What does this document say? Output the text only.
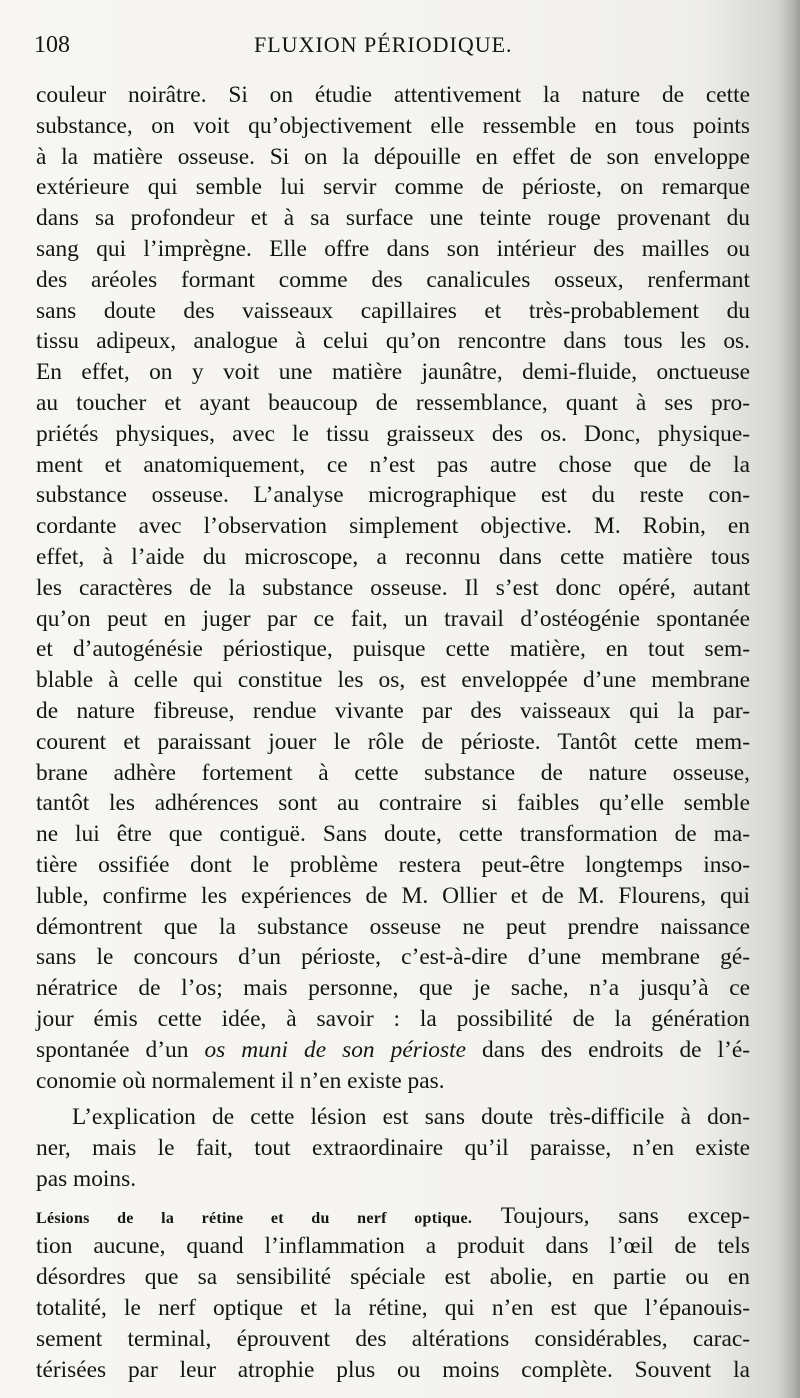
108	FLUXION PÉRIODIQUE.
couleur noirâtre. Si on étudie attentivement la nature de cette
substance, on voit qu’objectivement elle ressemble en tous points
à la matière osseuse. Si on la dépouille en effet de son enveloppe
extérieure qui semble lui servir comme de périoste, on remarque
dans sa profondeur et à sa surface une teinte rouge provenant du
sang qui l’imprègne. Elle offre dans son intérieur des mailles ou
des aréoles formant comme des canalicules osseux, renfermant
sans doute des vaisseaux capillaires et très-probablement du
tissu adipeux, analogue à celui qu’on rencontre dans tous les os.
En effet, on y voit une matière jaunâtre, demi-fluide, onctueuse
au toucher et ayant beaucoup de ressemblance, quant à ses pro-
priétés physiques, avec le tissu graisseux des os. Donc, physique-
ment et anatomiquement, ce n’est pas autre chose que de la
substance osseuse. L’analyse micrographique est du reste con-
cordante avec l’observation simplement objective. M. Robin, en
effet, à l’aide du microscope, a reconnu dans cette matière tous
les caractères de la substance osseuse. Il s’est donc opéré, autant
qu’on peut en juger par ce fait, un travail d’ostéogénie spontanée
et d’autogénésie périostique, puisque cette matière, en tout sem-
blable à celle qui constitue les os, est enveloppée d’une membrane
de nature fibreuse, rendue vivante par des vaisseaux qui la par-
courent et paraissant jouer le rôle de périoste. Tantôt cette mem-
brane adhère fortement à cette substance de nature osseuse,
tantôt les adhérences sont au contraire si faibles qu’elle semble
ne lui être que contiguë. Sans doute, cette transformation de ma-
tière ossifiée dont le problème restera peut-être longtemps inso-
luble, confirme les expériences de M. Ollier et de M. Flourens, qui
démontrent que la substance osseuse ne peut prendre naissance
sans le concours d’un périoste, c’est-à-dire d’une membrane gé-
nératrice de l’os; mais personne, que je sache, n’a jusqu’à ce
jour émis cette idée, à savoir : la possibilité de la génération
spontanée d’un os muni de son périoste dans des endroits de l’é-
conomie où normalement il n’en existe pas.
L’explication de cette lésion est sans doute très-difficile à don-
ner, mais le fait, tout extraordinaire qu’il paraisse, n’en existe
pas moins.
Lésions de la rétine et du nerf optique. Toujours, sans excep-
tion aucune, quand l’inflammation a produit dans l’œil de tels
désordres que sa sensibilité spéciale est abolie, en partie ou en
totalité, le nerf optique et la rétine, qui n’en est que l’épanouis-
sement terminal, éprouvent des altérations considérables, carac-
térisées par leur atrophie plus ou moins complète. Souvent la
